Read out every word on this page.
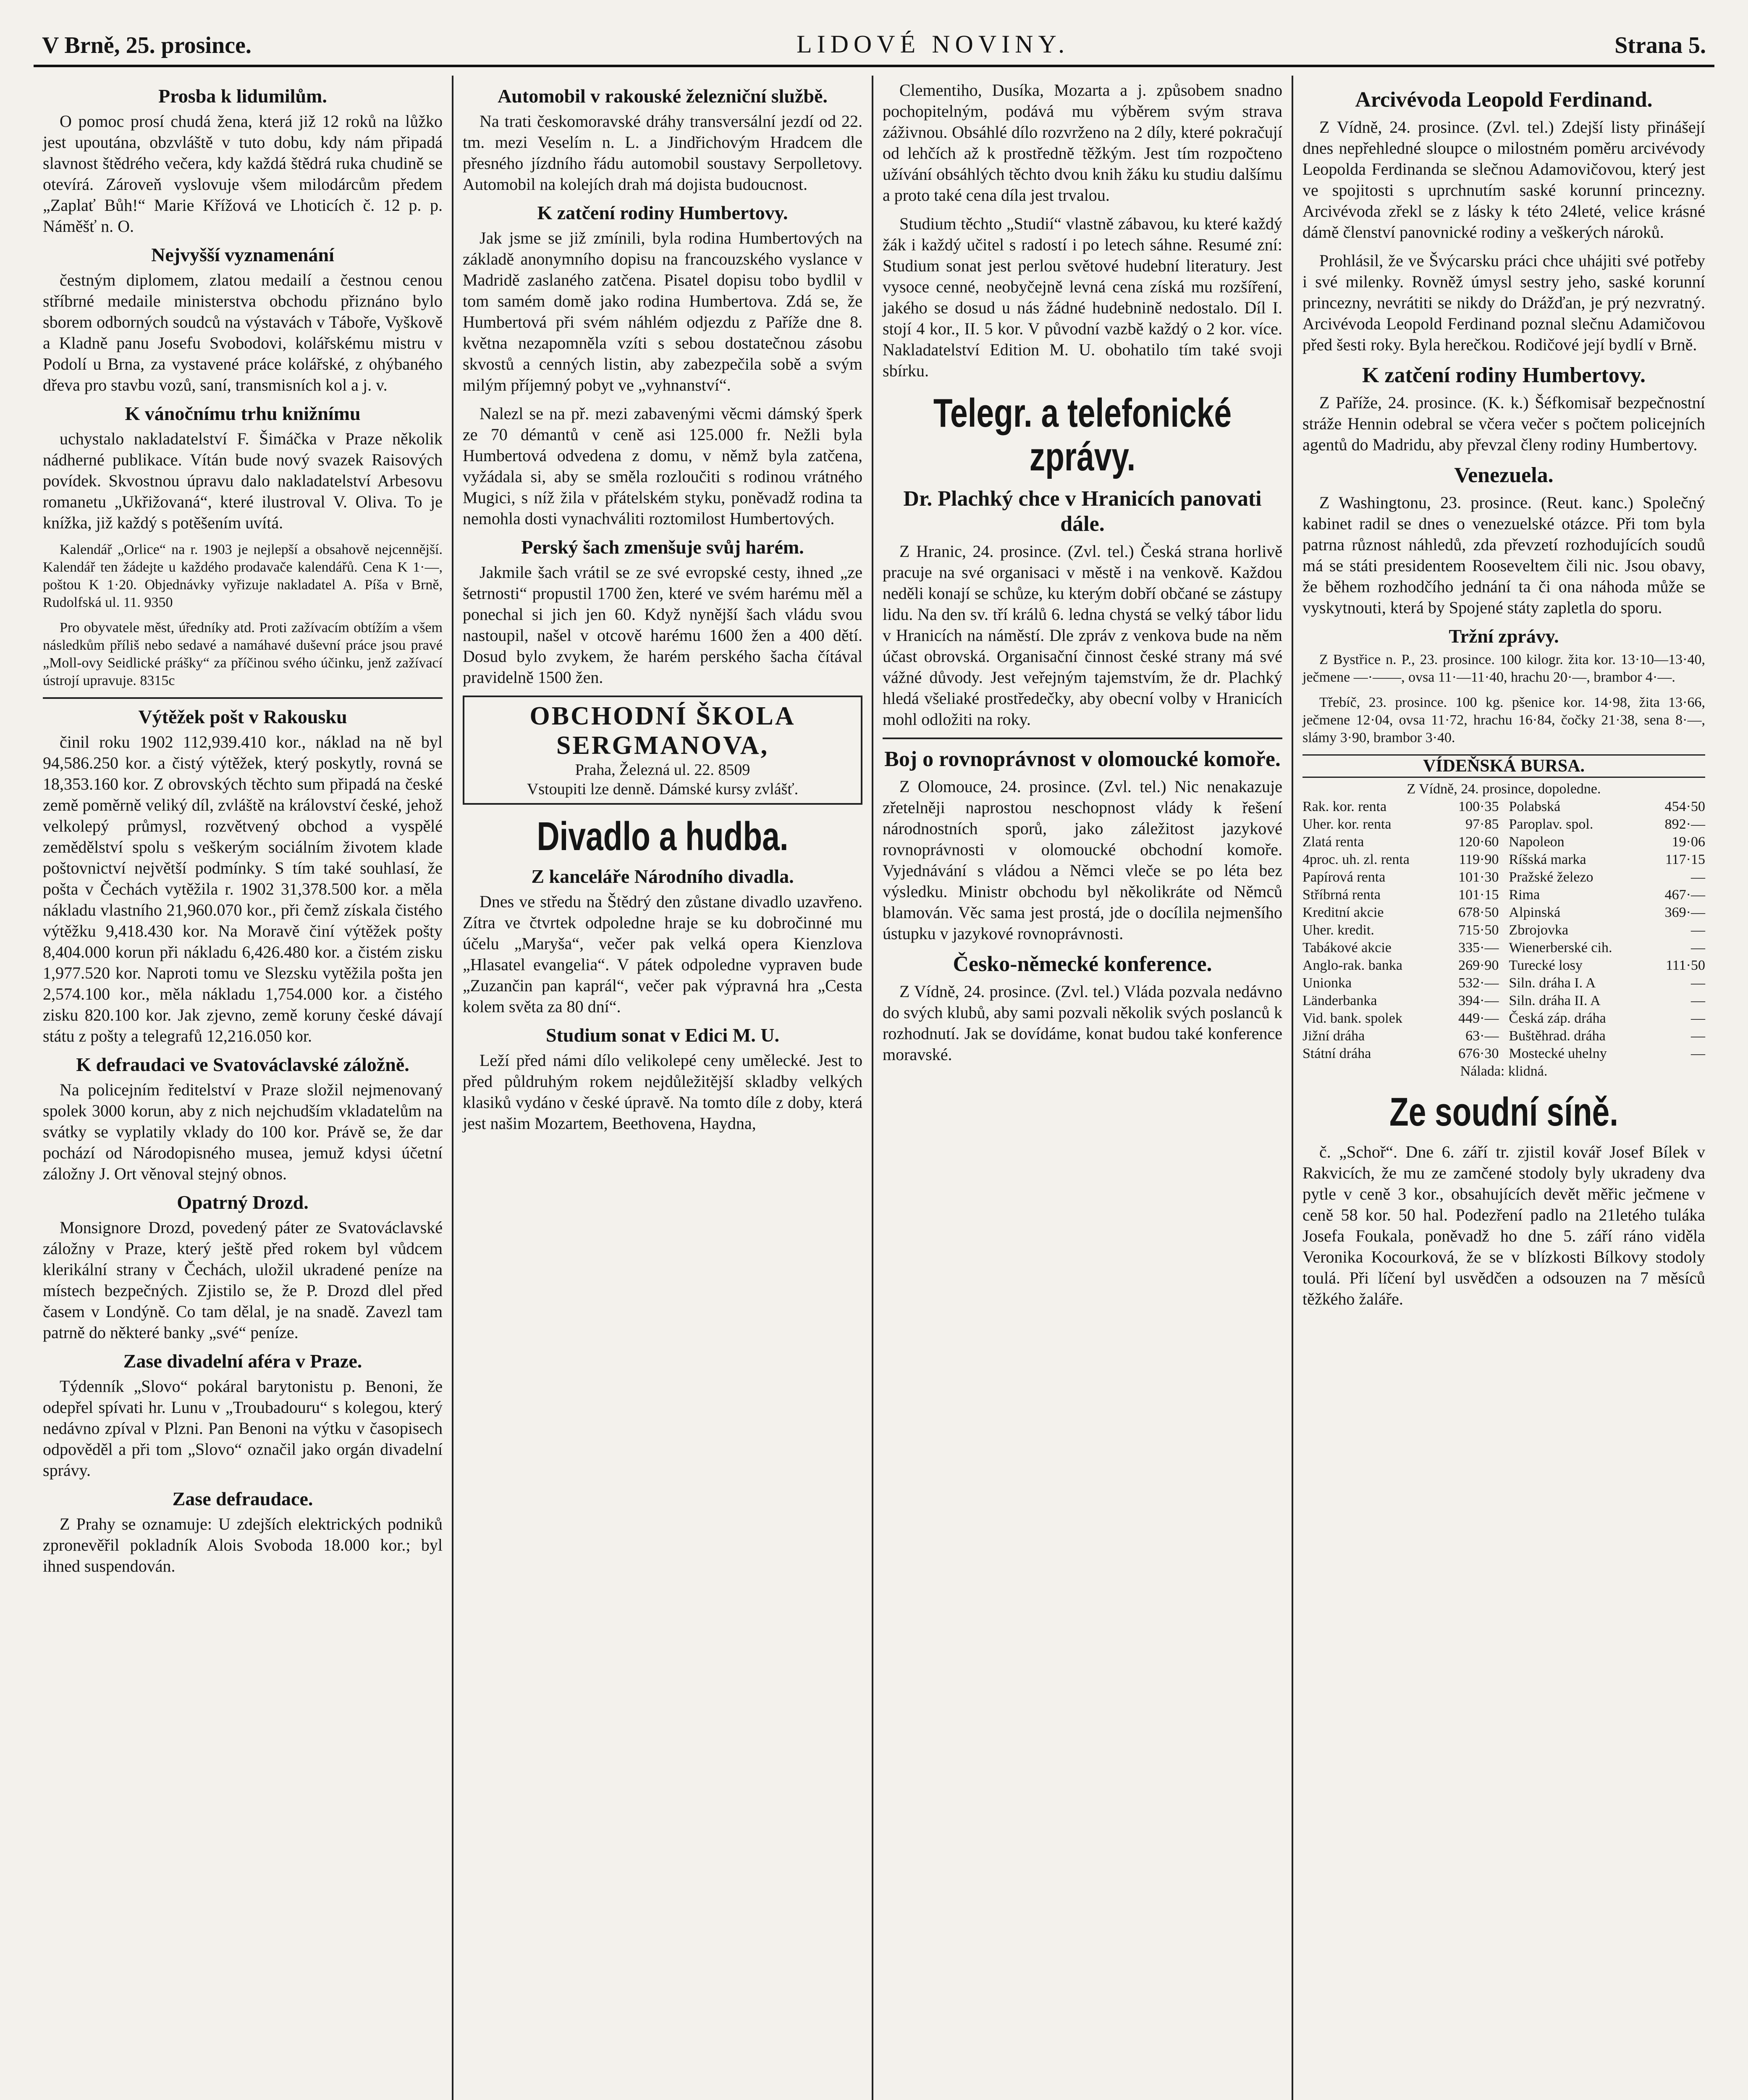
V Brně, 25. prosince.	LIDOVÉ NOVINY.	Strana 5.
Prosba k lidumilům.

O pomoc prosí chudá žena, která již 12 roků na lůžko jest upoutána, obzvláště v tuto dobu, kdy nám připadá slavnost štědrého večera, kdy každá štědrá ruka chudině se otevírá. Zároveň vyslovuje všem milodárcům předem „Zaplať Bůh!“ Marie Křížová ve Lhoticích č. 12 p. p. Náměšť n. O.

Nejvyšší vyznamenání

čestným diplomem, zlatou medailí a čestnou cenou stříbrné medaile ministerstva obchodu přiznáno bylo sborem odborných soudců na výstavách v Táboře, Vyškově a Kladně panu Josefu Svobodovi, kolářskému mistru v Podolí u Brna, za vystavené práce kolářské, z ohýbaného dřeva pro stavbu vozů, saní, transmisních kol a j. v.

K vánočnímu trhu knižnímu

uchystalo nakladatelství F. Šimáčka v Praze několik nádherné publikace. Vítán bude nový svazek Raisových povídek. Skvostnou úpravu dalo nakladatelství Arbesovu romanetu „Ukřižovaná“, které ilustroval V. Oliva. To je knížka, již každý s potěšením uvítá.

Kalendář „Orlice“ na r. 1903 je nejlepší a obsahově nejcennější. Kalendář ten žádejte u každého prodavače kalendářů. Cena K 1·—, poštou K 1·20. Objednávky vyřizuje nakladatel A. Píša v Brně, Rudolfská ul. 11. 9350

Pro obyvatele měst, úředníky atd. Proti zažívacím obtížím a všem následkům příliš nebo sedavé a namáhavé duševní práce jsou pravé „Moll-ovy Seidlické prášky“ za příčinou svého účinku, jenž zažívací ústrojí upravuje. 8315c

Výtěžek pošt v Rakousku

činil roku 1902 112,939.410 kor., náklad na ně byl 94,586.250 kor. a čistý výtěžek, který poskytly, rovná se 18,353.160 kor. Z obrovských těchto sum připadá na české země poměrně veliký díl, zvláště na království české, jehož velkolepý průmysl, rozvětvený obchod a vyspělé zemědělství spolu s veškerým sociálním životem klade poštovnictví největší podmínky. S tím také souhlasí, že pošta v Čechách vytěžila r. 1902 31,378.500 kor. a měla nákladu vlastního 21,960.070 kor., při čemž získala čistého výtěžku 9,418.430 kor. Na Moravě činí výtěžek pošty 8,404.000 korun při nákladu 6,426.480 kor. a čistém zisku 1,977.520 kor. Naproti tomu ve Slezsku vytěžila pošta jen 2,574.100 kor., měla nákladu 1,754.000 kor. a čistého zisku 820.100 kor. Jak zjevno, země koruny české dávají státu z pošty a telegrafů 12,216.050 kor.

K defraudaci ve Svatováclavské záložně.

Na policejním ředitelství v Praze složil nejmenovaný spolek 3000 korun, aby z nich nejchudším vkladatelům na svátky se vyplatily vklady do 100 kor. Právě se, že dar pochází od Národopisného musea, jemuž kdysi účetní záložny J. Ort věnoval stejný obnos.

Opatrný Drozd.

Monsignore Drozd, povedený páter ze Svatováclavské záložny v Praze, který ještě před rokem byl vůdcem klerikální strany v Čechách, uložil ukradené peníze na místech bezpečných. Zjistilo se, že P. Drozd dlel před časem v Londýně. Co tam dělal, je na snadě. Zavezl tam patrně do některé banky „své“ peníze.

Zase divadelní aféra v Praze.

Týdenník „Slovo“ pokáral barytonistu p. Benoni, že odepřel spívati hr. Lunu v „Troubadouru“ s kolegou, který nedávno zpíval v Plzni. Pan Benoni na výtku v časopisech odpověděl a při tom „Slovo“ označil jako orgán divadelní správy.

Zase defraudace.

Z Prahy se oznamuje: U zdejších elektrických podniků zpronevěřil pokladník Alois Svoboda 18.000 kor.; byl ihned suspendován.

Automobil v rakouské železniční službě.

Na trati českomoravské dráhy transversální jezdí od 22. tm. mezi Veselím n. L. a Jindřichovým Hradcem dle přesného jízdního řádu automobil soustavy Serpolletovy. Automobil na kolejích drah má dojista budoucnost.

K zatčení rodiny Humbertovy.

Jak jsme se již zmínili, byla rodina Humbertových na základě anonymního dopisu na francouzského vyslance v Madridě zaslaného zatčena. Pisatel dopisu tobo bydlil v tom samém domě jako rodina Humbertova. Zdá se, že Humbertová při svém náhlém odjezdu z Paříže dne 8. května nezapomněla vzíti s sebou dostatečnou zásobu skvostů a cenných listin, aby zabezpečila sobě a svým milým příjemný pobyt ve „vyhnanství“.

Nalezl se na př. mezi zabavenými věcmi dámský šperk ze 70 démantů v ceně asi 125.000 fr. Nežli byla Humbertová odvedena z domu, v němž byla zatčena, vyžádala si, aby se směla rozloučiti s rodinou vrátného Mugici, s níž žila v přátelském styku, poněvadž rodina ta nemohla dosti vynachváliti roztomilost Humbertových.

Perský šach zmenšuje svůj harém.

Jakmile šach vrátil se ze své evropské cesty, ihned „ze šetrnosti“ propustil 1700 žen, které ve svém harému měl a ponechal si jich jen 60. Když nynější šach vládu svou nastoupil, našel v otcově harému 1600 žen a 400 dětí. Dosud bylo zvykem, že harém perského šacha čítával pravidelně 1500 žen.

OBCHODNÍ ŠKOLA SERGMANOVA,
Praha, Železná ul. 22. 8509
Vstoupiti lze denně. Dámské kursy zvlášť.
Divadlo a hudba.
Z kanceláře Národního divadla.

Dnes ve středu na Štědrý den zůstane divadlo uzavřeno. Zítra ve čtvrtek odpoledne hraje se ku dobročinné mu účelu „Maryša“, večer pak velká opera Kienzlova „Hlasatel evangelia“. V pátek odpoledne vypraven bude „Zuzančin pan kaprál“, večer pak výpravná hra „Cesta kolem světa za 80 dní“.

Studium sonat v Edici M. U.

Leží před námi dílo velikolepé ceny umělecké. Jest to před půldruhým rokem nejdůležitější skladby velkých klasiků vydáno v české úpravě. Na tomto díle z doby, která jest našim Mozartem, Beethovena, Haydna,

Clementiho, Dusíka, Mozarta a j. způsobem snadno pochopitelným, podává mu výběrem svým strava záživnou. Obsáhlé dílo rozvrženo na 2 díly, které pokračují od lehčích až k prostředně těžkým. Jest tím rozpočteno užívání obsáhlých těchto dvou knih žáku ku studiu dalšímu a proto také cena díla jest trvalou.

Studium těchto „Studií“ vlastně zábavou, ku které každý žák i každý učitel s radostí i po letech sáhne. Resumé zní: Studium sonat jest perlou světové hudební literatury. Jest vysoce cenné, neobyčejně levná cena získá mu rozšíření, jakého se dosud u nás žádné hudebnině nedostalo. Díl I. stojí 4 kor., II. 5 kor. V původní vazbě každý o 2 kor. více. Nakladatelství Edition M. U. obohatilo tím také svoji sbírku.

Telegr. a telefonické zprávy.
Dr. Plachký chce v Hranicích panovati dále.

Z Hranic, 24. prosince. (Zvl. tel.) Česká strana horlivě pracuje na své organisaci v městě i na venkově. Každou neděli konají se schůze, ku kterým dobří občané se zástupy lidu. Na den sv. tří králů 6. ledna chystá se velký tábor lidu v Hranicích na náměstí. Dle zpráv z venkova bude na něm účast obrovská. Organisační činnost české strany má své vážné důvody. Jest veřejným tajemstvím, že dr. Plachký hledá všeliaké prostředečky, aby obecní volby v Hranicích mohl odložiti na roky.

Boj o rovnoprávnost v olomoucké komoře.

Z Olomouce, 24. prosince. (Zvl. tel.) Nic nenakazuje zřetelněji naprostou neschopnost vlády k řešení národnostních sporů, jako záležitost jazykové rovnoprávnosti v olomoucké obchodní komoře. Vyjednávání s vládou a Němci vleče se po léta bez výsledku. Ministr obchodu byl několikráte od Němců blamován. Věc sama jest prostá, jde o docílila nejmenšího ústupku v jazykové rovnoprávnosti.

Česko-německé konference.

Z Vídně, 24. prosince. (Zvl. tel.) Vláda pozvala nedávno do svých klubů, aby sami pozvali několik svých poslanců k rozhodnutí. Jak se dovídáme, konat budou také konference moravské.

Arcivévoda Leopold Ferdinand.

Z Vídně, 24. prosince. (Zvl. tel.) Zdejší listy přinášejí dnes nepřehledné sloupce o milostném poměru arcivévody Leopolda Ferdinanda se slečnou Adamovičovou, který jest ve spojitosti s uprchnutím saské korunní princezny. Arcivévoda zřekl se z lásky k této 24leté, velice krásné dámě členství panovnické rodiny a veškerých nároků.

Prohlásil, že ve Švýcarsku práci chce uhájiti své potřeby i své milenky. Rovněž úmysl sestry jeho, saské korunní princezny, nevrátiti se nikdy do Drážďan, je prý nezvratný. Arcivévoda Leopold Ferdinand poznal slečnu Adamičovou před šesti roky. Byla herečkou. Rodičové její bydlí v Brně.

K zatčení rodiny Humbertovy.

Z Paříže, 24. prosince. (K. k.) Šéfkomisař bezpečnostní stráže Hennin odebral se včera večer s počtem policejních agentů do Madridu, aby převzal členy rodiny Humbertovy.

Venezuela.

Z Washingtonu, 23. prosince. (Reut. kanc.) Společný kabinet radil se dnes o venezuelské otázce. Při tom byla patrna různost náhledů, zda převzetí rozhodujících soudů má se státi presidentem Rooseveltem čili nic. Jsou obavy, že během rozhodčího jednání ta či ona náhoda může se vyskytnouti, která by Spojené státy zapletla do sporu.

Tržní zprávy.

Z Bystřice n. P., 23. prosince. 100 kilogr. žita kor. 13·10—13·40, ječmene —·——, ovsa 11·—11·40, hrachu 20·—, brambor 4·—.

Třebíč, 23. prosince. 100 kg. pšenice kor. 14·98, žita 13·66, ječmene 12·04, ovsa 11·72, hrachu 16·84, čočky 21·38, sena 8·—, slámy 3·90, brambor 3·40.

VÍDEŇSKÁ BURSA.
Z Vídně, 24. prosince, dopoledne.
Rak. kor. renta	100·35 Polabská	454·50
Uher. kor. renta	97·85 Paroplav. spol.	892·—
Zlatá renta	120·60 Napoleon	19·06
4proc. uh. zl. renta	119·90 Ríšská marka	117·15
Papírová renta	101·30 Pražské železo	—
Stříbrná renta	101·15 Rima	467·—
Kreditní akcie	678·50 Alpinská	369·—
Uher. kredit.	715·50 Zbrojovka	—
Tabákové akcie	335·— Wienerberské cih.	—
Anglo-rak. banka	269·90 Turecké losy	111·50
Unionka	532·— Siln. dráha I. A	—
Länderbanka	394·— Siln. dráha II. A	—
Vid. bank. spolek	449·— Česká záp. dráha	—
Jižní dráha	63·— Buštěhrad. dráha	—
Státní dráha	676·30 Mostecké uhelny	—
Nálada: klidná.
Ze soudní síně.

č. „Schoř“. Dne 6. září tr. zjistil kovář Josef Bílek v Rakvicích, že mu ze zamčené stodoly byly ukradeny dva pytle v ceně 3 kor., obsahujících devět měřic ječmene v ceně 58 kor. 50 hal. Podezření padlo na 21letého tuláka Josefa Foukala, poněvadž ho dne 5. září ráno viděla Veronika Kocourková, že se v blízkosti Bílkovy stodoly toulá. Při líčení byl usvědčen a odsouzen na 7 měsíců těžkého žaláře.
